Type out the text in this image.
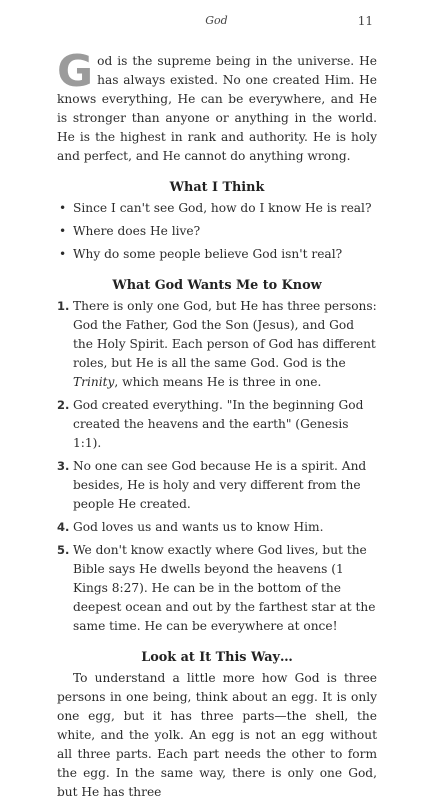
God	11

God is the supreme being in the universe. He has always existed. No one created Him. He knows everything, He can be everywhere, and He is stronger than anyone or anything in the world. He is the highest in rank and authority. He is holy and perfect, and He cannot do anything wrong.

What I Think
• Since I can't see God, how do I know He is real?
• Where does He live?
• Why do some people believe God isn't real?
What God Wants Me to Know
1. There is only one God, but He has three persons: God the Father, God the Son (Jesus), and God the Holy Spirit. Each person of God has different roles, but He is all the same God. God is the Trinity, which means He is three in one.
2. God created everything. "In the beginning God created the heavens and the earth" (Genesis 1:1).
3. No one can see God because He is a spirit. And besides, He is holy and very different from the people He created.
4. God loves us and wants us to know Him.
5. We don't know exactly where God lives, but the Bible says He dwells beyond the heavens (1 Kings 8:27). He can be in the bottom of the deepest ocean and out by the farthest star at the same time. He can be everywhere at once!
Look at It This Way…

To understand a little more how God is three persons in one being, think about an egg. It is only one egg, but it has three parts—the shell, the white, and the yolk. An egg is not an egg without all three parts. Each part needs the other to form the egg. In the same way, there is only one God, but He has three
